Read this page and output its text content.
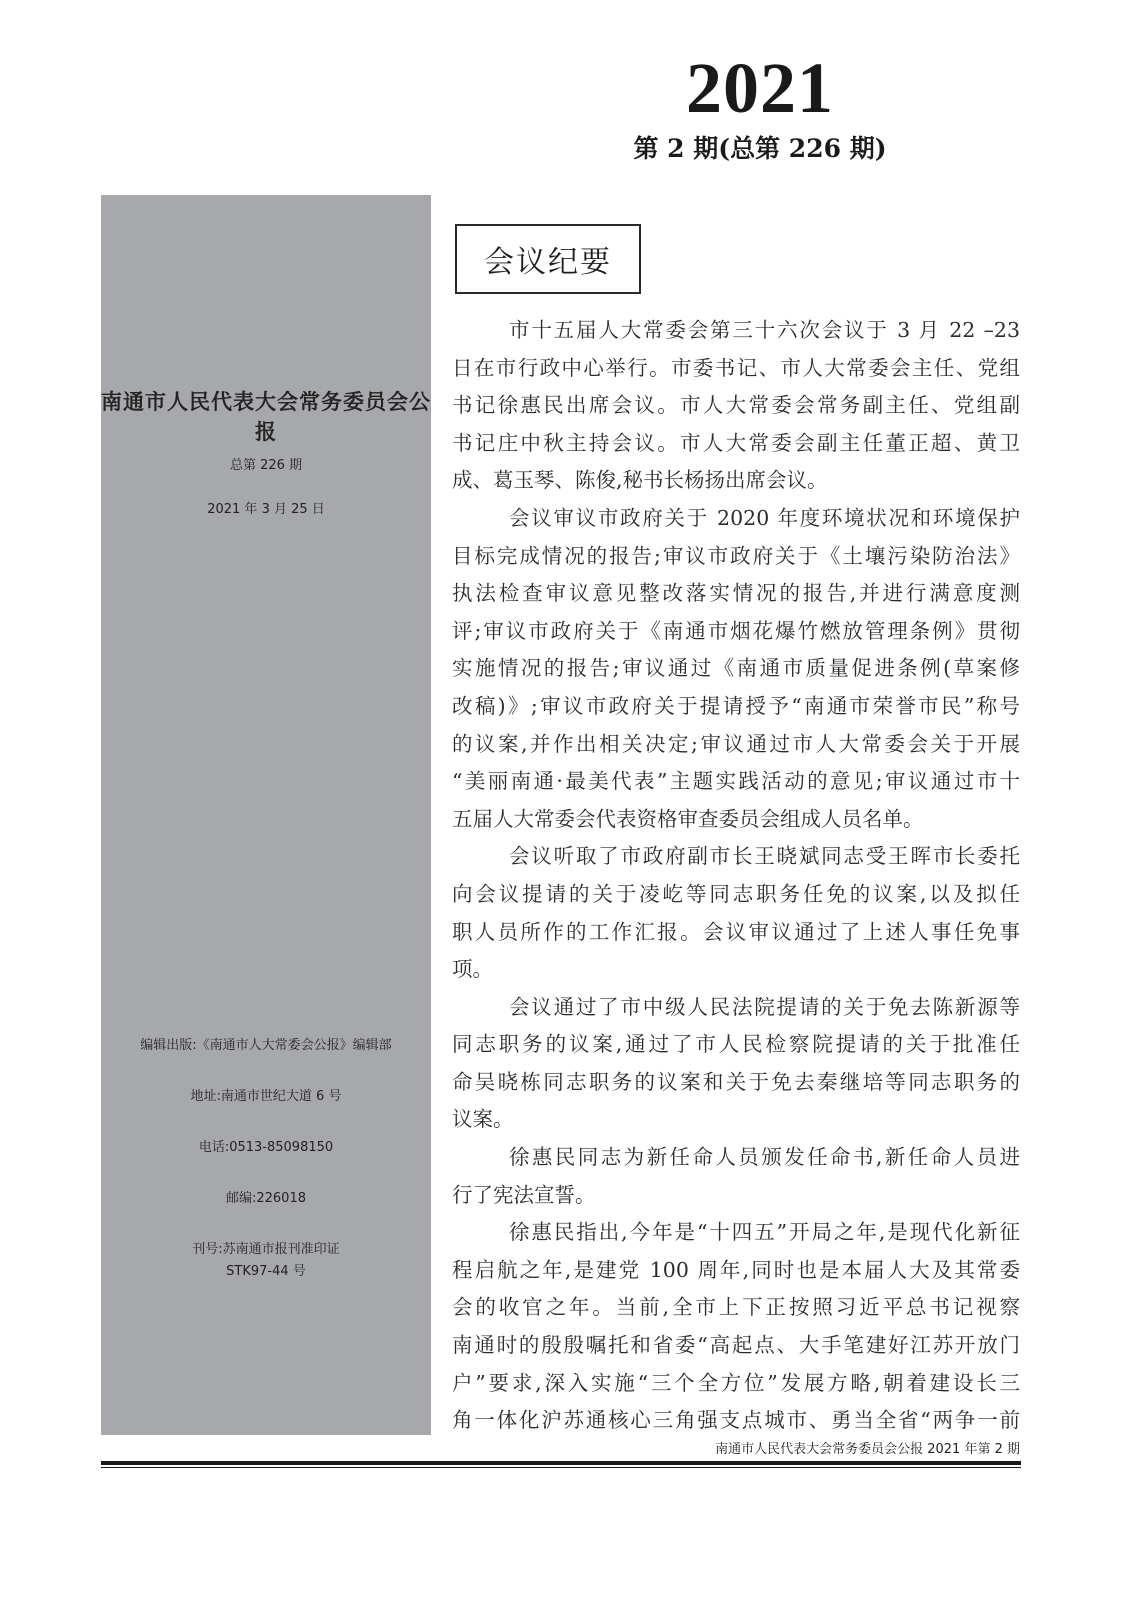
2021
第 2 期(总第 226 期)
南通市人民代表大会常务委员会公报
总第 226 期
2021 年 3 月 25 日
编辑出版:《南通市人大常委会公报》编辑部
地址:南通市世纪大道 6 号
电话:0513-85098150
邮编:226018
刊号:苏南通市报刊准印证
STK97-44 号
会议纪要
市十五届人大常委会第三十六次会议于 3 月 22 –23
日在市行政中心举行。市委书记、市人大常委会主任、党组
书记徐惠民出席会议。市人大常委会常务副主任、党组副
书记庄中秋主持会议。市人大常委会副主任董正超、黄卫
成、葛玉琴、陈俊,秘书长杨扬出席会议。
会议审议市政府关于 2020 年度环境状况和环境保护
目标完成情况的报告;审议市政府关于《土壤污染防治法》
执法检查审议意见整改落实情况的报告,并进行满意度测
评;审议市政府关于《南通市烟花爆竹燃放管理条例》贯彻
实施情况的报告;审议通过《南通市质量促进条例(草案修
改稿)》;审议市政府关于提请授予“南通市荣誉市民”称号
的议案,并作出相关决定;审议通过市人大常委会关于开展
“美丽南通·最美代表”主题实践活动的意见;审议通过市十
五届人大常委会代表资格审查委员会组成人员名单。
会议听取了市政府副市长王晓斌同志受王晖市长委托
向会议提请的关于凌屹等同志职务任免的议案,以及拟任
职人员所作的工作汇报。会议审议通过了上述人事任免事
项。
会议通过了市中级人民法院提请的关于免去陈新源等
同志职务的议案,通过了市人民检察院提请的关于批准任
命吴晓栋同志职务的议案和关于免去秦继培等同志职务的
议案。
徐惠民同志为新任命人员颁发任命书,新任命人员进
行了宪法宣誓。
徐惠民指出,今年是“十四五”开局之年,是现代化新征
程启航之年,是建党 100 周年,同时也是本届人大及其常委
会的收官之年。当前,全市上下正按照习近平总书记视察
南通时的殷殷嘱托和省委“高起点、大手笔建好江苏开放门
户”要求,深入实施“三个全方位”发展方略,朝着建设长三
角一体化沪苏通核心三角强支点城市、勇当全省“两争一前
南通市人民代表大会常务委员会公报 2021 年第 2 期
